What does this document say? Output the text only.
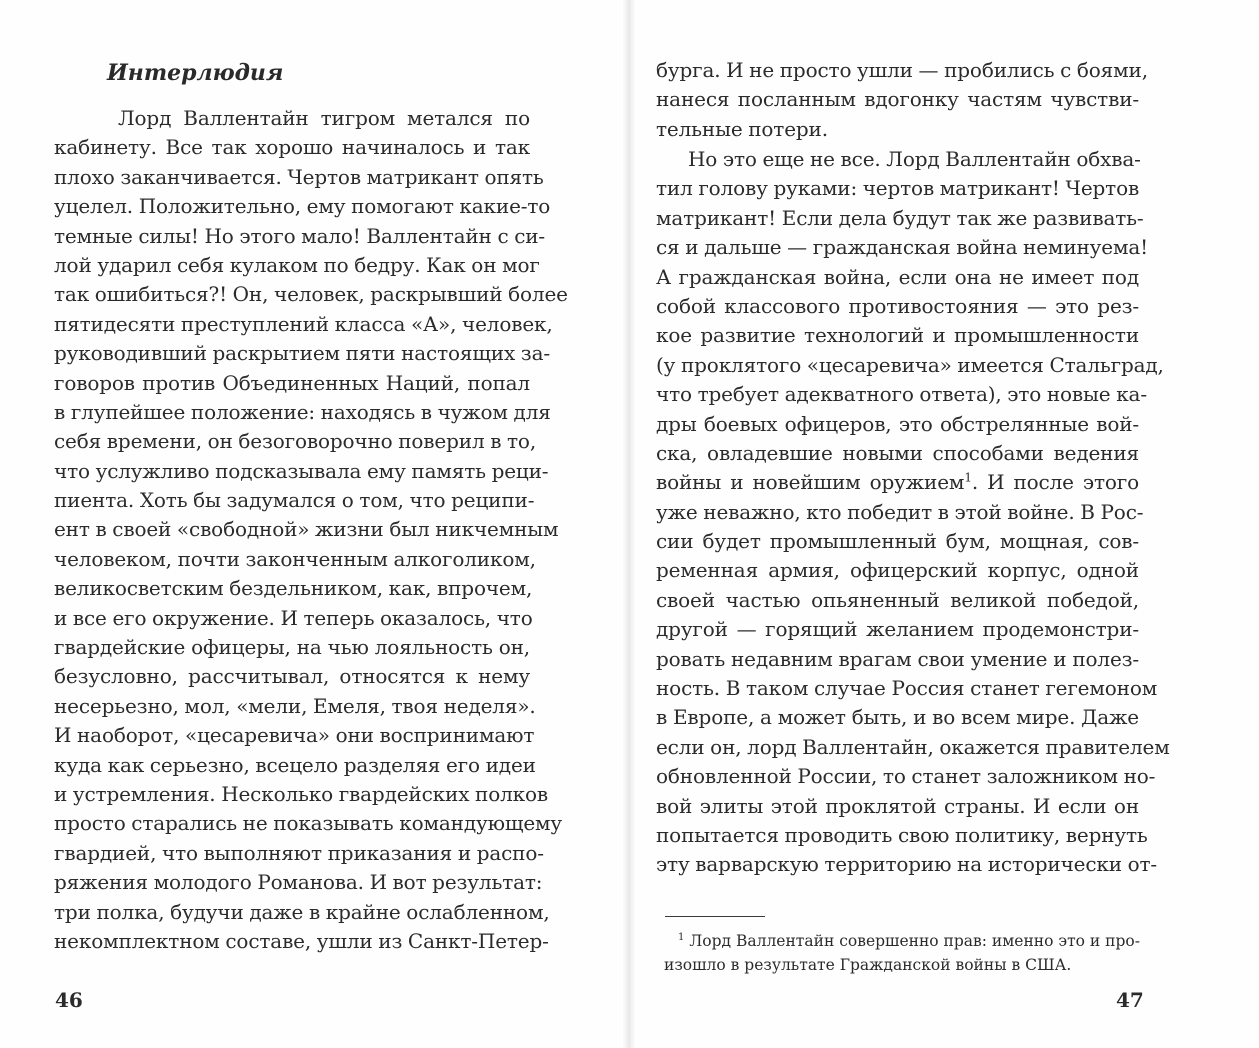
Интерлюдия
Лорд Валлентайн тигром метался по
кабинету. Все так хорошо начиналось и так
плохо заканчивается. Чертов матрикант опять
уцелел. Положительно, ему помогают какие-то
темные силы! Но этого мало! Валлентайн с си-
лой ударил себя кулаком по бедру. Как он мог
так ошибиться?! Он, человек, раскрывший более
пятидесяти преступлений класса «А», человек,
руководивший раскрытием пяти настоящих за-
говоров против Объединенных Наций, попал
в глупейшее положение: находясь в чужом для
себя времени, он безоговорочно поверил в то,
что услужливо подсказывала ему память реци-
пиента. Хоть бы задумался о том, что реципи-
ент в своей «свободной» жизни был никчемным
человеком, почти законченным алкоголиком,
великосветским бездельником, как, впрочем,
и все его окружение. И теперь оказалось, что
гвардейские офицеры, на чью лояльность он,
безусловно, рассчитывал, относятся к нему
несерьезно, мол, «мели, Емеля, твоя неделя».
И наоборот, «цесаревича» они воспринимают
куда как серьезно, всецело разделяя его идеи
и устремления. Несколько гвардейских полков
просто старались не показывать командующему
гвардией, что выполняют приказания и распо-
ряжения молодого Романова. И вот результат:
три полка, будучи даже в крайне ослабленном,
некомплектном составе, ушли из Санкт-Петер-
46
бурга. И не просто ушли — пробились с боями,
нанеся посланным вдогонку частям чувстви-
тельные потери.
Но это еще не все. Лорд Валлентайн обхва-
тил голову руками: чертов матрикант! Чертов
матрикант! Если дела будут так же развивать-
ся и дальше — гражданская война неминуема!
А гражданская война, если она не имеет под
собой классового противостояния — это рез-
кое развитие технологий и промышленности
(у проклятого «цесаревича» имеется Стальград,
что требует адекватного ответа), это новые ка-
дры боевых офицеров, это обстрелянные вой-
ска, овладевшие новыми способами ведения
войны и новейшим оружием$^1$. И после этого
уже неважно, кто победит в этой войне. В Рос-
сии будет промышленный бум, мощная, сов-
ременная армия, офицерский корпус, одной
своей частью опьяненный великой победой,
другой — горящий желанием продемонстри-
ровать недавним врагам свои умение и полез-
ность. В таком случае Россия станет гегемоном
в Европе, а может быть, и во всем мире. Даже
если он, лорд Валлентайн, окажется правителем
обновленной России, то станет заложником но-
вой элиты этой проклятой страны. И если он
попытается проводить свою политику, вернуть
эту варварскую территорию на исторически от-
$^1$ Лорд Валлентайн совершенно прав: именно это и про-
изошло в результате Гражданской войны в США.
47
